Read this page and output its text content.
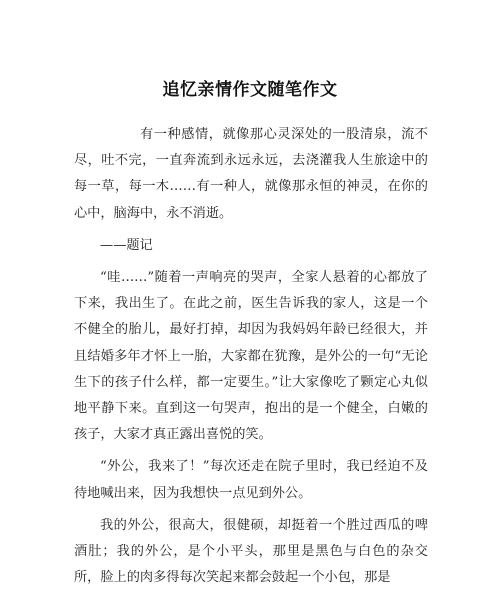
追忆亲情作文随笔作文

有一种感情，就像那心灵深处的一股清泉，流不尽，吐不完，一直奔流到永远永远，去浇灌我人生旅途中的每一草，每一木……有一种人，就像那永恒的神灵，在你的心中，脑海中，永不消逝。

——题记

“哇……”随着一声响亮的哭声，全家人悬着的心都放了下来，我出生了。在此之前，医生告诉我的家人，这是一个不健全的胎儿，最好打掉，却因为我妈妈年龄已经很大，并且结婚多年才怀上一胎，大家都在犹豫，是外公的一句“无论生下的孩子什么样，都一定要生。”让大家像吃了颗定心丸似地平静下来。直到这一句哭声，抱出的是一个健全，白嫩的孩子，大家才真正露出喜悦的笑。

“外公，我来了！”每次还走在院子里时，我已经迫不及待地喊出来，因为我想快一点见到外公。

我的外公，很高大，很健硕，却挺着一个胜过西瓜的啤酒肚；我的外公，是个小平头，那里是黑色与白色的杂交所，脸上的肉多得每次笑起来都会鼓起一个小包，那是
